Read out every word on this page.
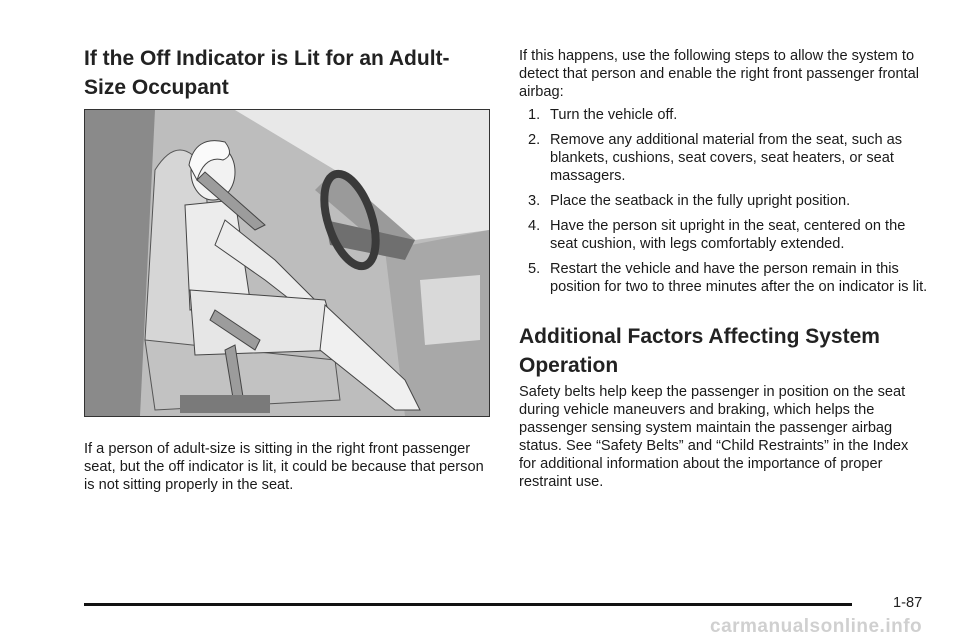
If the Off Indicator is Lit for an Adult-Size Occupant

If a person of adult-size is sitting in the right front passenger seat, but the off indicator is lit, it could be because that person is not sitting properly in the seat.

If this happens, use the following steps to allow the system to detect that person and enable the right front passenger frontal airbag:

1. Turn the vehicle off.
2. Remove any additional material from the seat, such as blankets, cushions, seat covers, seat heaters, or seat massagers.
3. Place the seatback in the fully upright position.
4. Have the person sit upright in the seat, centered on the seat cushion, with legs comfortably extended.
5. Restart the vehicle and have the person remain in this position for two to three minutes after the on indicator is lit.
Additional Factors Affecting System Operation

Safety belts help keep the passenger in position on the seat during vehicle maneuvers and braking, which helps the passenger sensing system maintain the passenger airbag status. See “Safety Belts” and “Child Restraints” in the Index for additional information about the importance of proper restraint use.

1-87
carmanualsonline.info
